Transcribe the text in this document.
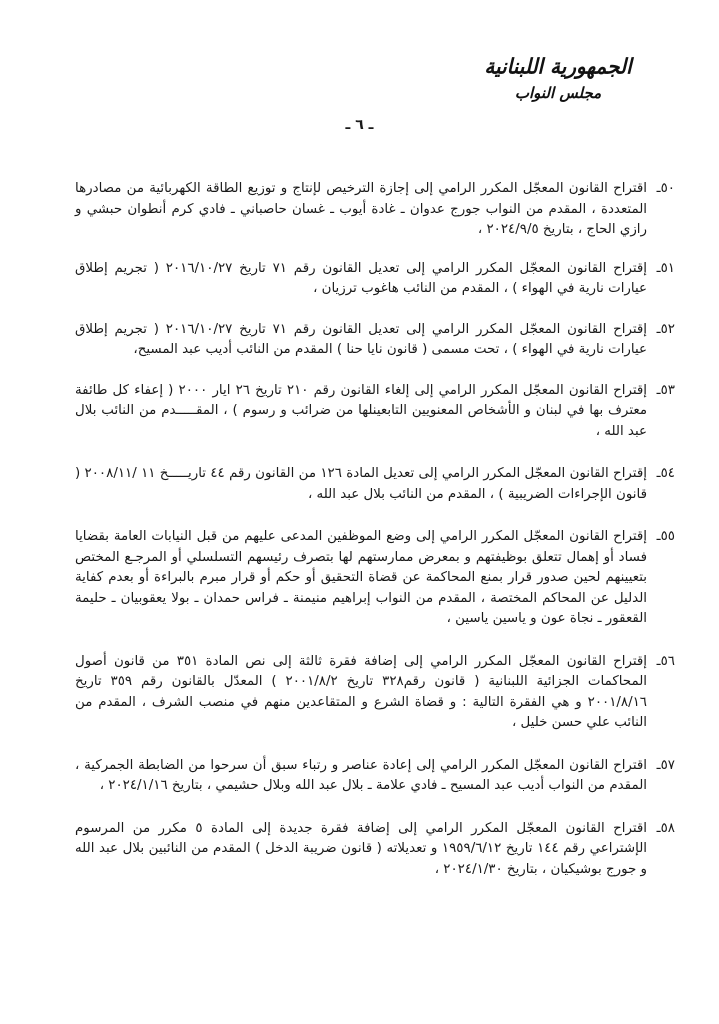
الجمهورية اللبنانية
مجلس النواب
ـ ٦ ـ
٥٠ـ
اقتراح القانون المعجّل المكرر الرامي إلى إجازة الترخيص لإنتاج و توزيع الطاقة الكهربائية من مصادرها المتعددة ، المقدم من النواب جورج عدوان ـ غادة أيوب ـ غسان حاصباني ـ فادي كرم أنطوان حبشي و رازي الحاج ، بتاريخ ٢٠٢٤/٩/٥ ،
٥١ـ
إقتراح القانون المعجّل المكرر الرامي إلى تعديل القانون رقم ٧١ تاريخ ٢٠١٦/١٠/٢٧ ( تجريم إطلاق عيارات نارية في الهواء ) ، المقدم من النائب هاغوب ترزيان ،
٥٢ـ
إقتراح القانون المعجّل المكرر الرامي إلى تعديل القانون رقم ٧١ تاريخ ٢٠١٦/١٠/٢٧ ( تجريم إطلاق عيارات نارية في الهواء ) ، تحت مسمى ( قانون نايا حنا ) المقدم من النائب أديب عبد المسيح،
٥٣ـ
إقتراح القانون المعجّل المكرر الرامي إلى إلغاء القانون رقم ٢١٠ تاريخ ٢٦ ايار ٢٠٠٠ ( إعفاء كل طائفة معترف بها في لبنان و الأشخاص المعنويين التابعينلها من ضرائب و رسوم ) ، المقـــــدم من النائب بلال عبد الله ،
٥٤ـ
إقتراح القانون المعجّل المكرر الرامي إلى تعديل المادة ١٢٦ من القانون رقم ٤٤ تاريـــــخ ١١ /٢٠٠٨/١١ ( قانون الإجراءات الضريبية ) ، المقدم من النائب بلال عبد الله ،
٥٥ـ
إقتراح القانون المعجّل المكرر الرامي إلى وضع الموظفين المدعى عليهم من قبل النيابات العامة بقضايا فساد أو إهمال تتعلق بوظيفتهم و بمعرض ممارستهم لها بتصرف رئيسهم التسلسلي أو المرجـع المختص بتعيينهم لحين صدور قرار بمنع المحاكمة عن قضاة التحقيق أو حكم أو قرار مبرم بالبراءة أو بعدم كفاية الدليل عن المحاكم المختصة ، المقدم من النواب إبراهيم منيمنة ـ فراس حمدان ـ بولا يعقوبيان ـ حليمة القعقور ـ نجاة عون و ياسين ياسين ،
٥٦ـ
إقتراح القانون المعجّل المكرر الرامي إلى إضافة فقرة ثالثة إلى نص المادة ٣٥١ من قانون أصول المحاكمات الجزائية اللبنانية ( قانون رقم٣٢٨ تاريخ ٢٠٠١/٨/٢ ) المعدّل بالقانون رقم ٣٥٩ تاريخ ٢٠٠١/٨/١٦ و هي الفقرة التالية : و قضاة الشرع و المتقاعدين منهم في منصب الشرف ، المقدم من النائب علي حسن خليل ،
٥٧ـ
اقتراح القانون المعجّل المكرر الرامي إلى إعادة عناصر و رتباء سبق أن سرحوا من الضابطة الجمركية ، المقدم من النواب أديب عبد المسيح ـ فادي علامة ـ بلال عبد الله وبلال حشيمي ، بتاريخ ٢٠٢٤/١/١٦ ،
٥٨ـ
اقتراح القانون المعجّل المكرر الرامي إلى إضافة فقرة جديدة إلى المادة ٥ مكرر من المرسوم الإشتراعي رقم ١٤٤ تاريخ ١٩٥٩/٦/١٢ و تعديلاته ( قانون ضريبة الدخل ) المقدم من النائبين بلال عبد الله و جورج بوشيكيان ، بتاريخ ٢٠٢٤/١/٣٠ ،
